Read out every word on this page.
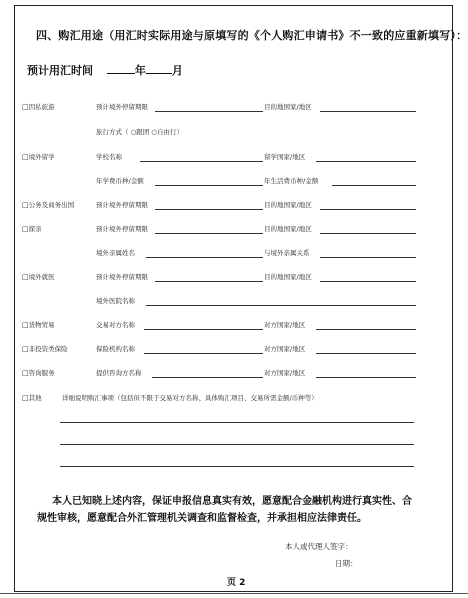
四、购汇用途（用汇时实际用途与原填写的《个人购汇申请书》不一致的应重新填写）：
预计用汇时间	年 月
□因私旅游	预计境外停留期限	目的地国家/地区
旅行方式（ ○跟团 ○自由行）
□境外留学	学校名称	留学国家/地区
年学费币种/金额	年生活费币种/金额
□公务及商务出国	预计境外停留期限	目的地国家/地区
□探亲	预计境外停留期限	目的地国家/地区
境外亲属姓名	与境外亲属关系
□境外就医	预计境外停留期限	目的地国家/地区
境外医院名称
□货物贸易	交易对方名称	对方国家/地区
□非投资类保险	保险机构名称	对方国家/地区
□咨询服务	提供咨询方名称	对方国家/地区
□其他	详细说明购汇事项（包括但不限于交易对方名称、具体购汇项目、交易所需金额/币种等）
本人已知晓上述内容，保证申报信息真实有效，愿意配合金融机构进行真实性、合
规性审核，愿意配合外汇管理机关调查和监督检查，并承担相应法律责任。
本人或代理人签字：
日期：
页 2
